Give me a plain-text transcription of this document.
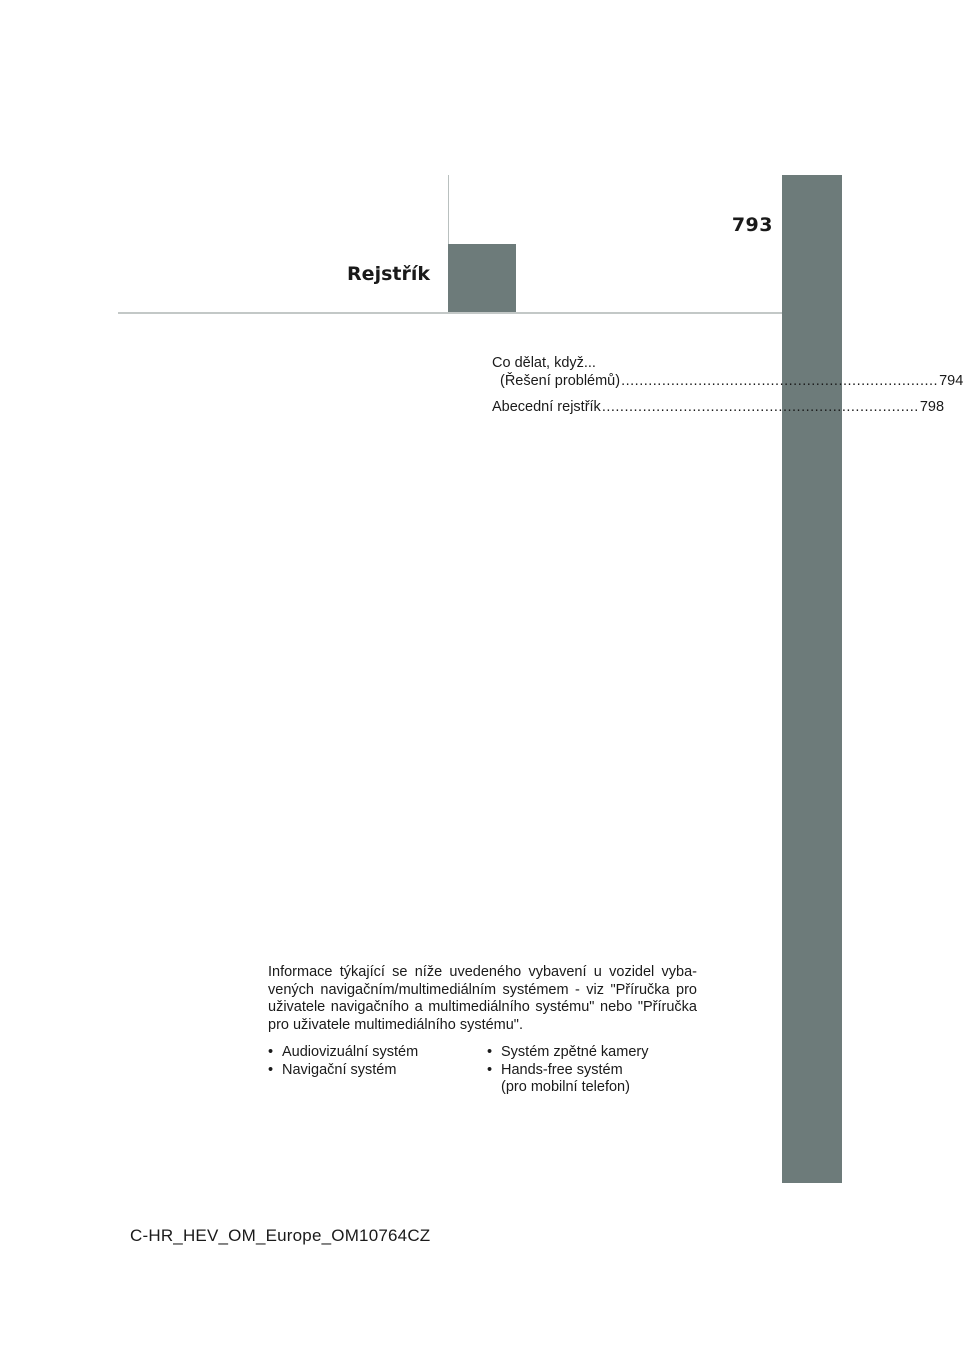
793
Rejstřík
Co dělat, když...
(Řešení problémů) ...................................................................... 794
Abecední rejstřík ...................................................................... 798

Informace týkající se níže uvedeného vybavení u vozidel vyba-vených navigačním/multimediálním systémem - viz "Příručka pro uživatele navigačního a multimediálního systému" nebo "Příručka pro uživatele multimediálního systému".

• Audiovizuální systém
• Navigační systém
• Systém zpětné kamery
• Hands-free systém
(pro mobilní telefon)
C-HR_HEV_OM_Europe_OM10764CZ
